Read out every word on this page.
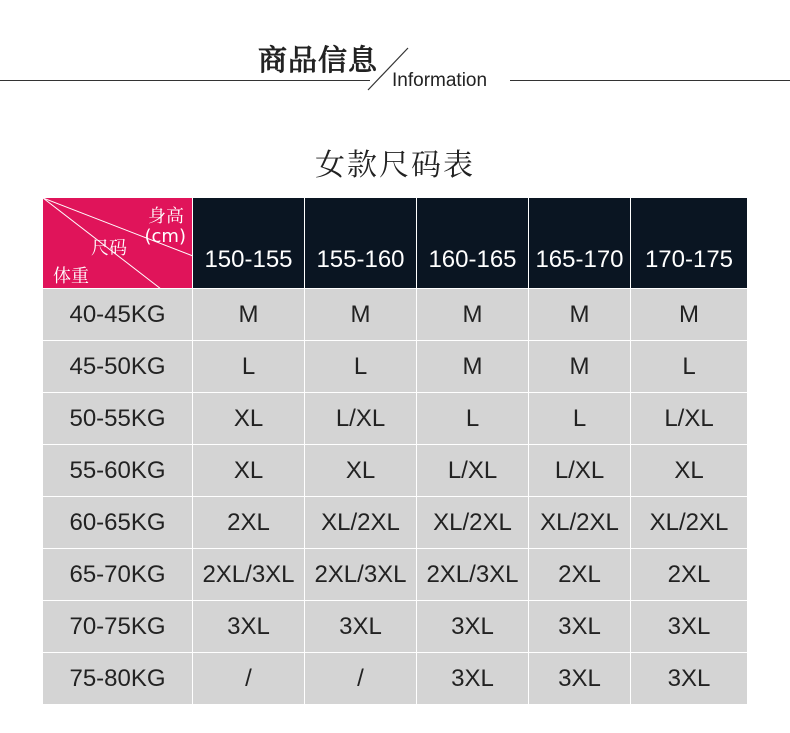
商品信息
Information
女款尺码表
身高
(cm)
尺码
体重
150-155 155-160 160-165 165-170 170-175
40-45KG	M	M	M	M	M
45-50KG	L	L	M	M	L
50-55KG	XL	L/XL	L	L	L/XL
55-60KG	XL	XL	L/XL	L/XL	XL
60-65KG	2XL	XL/2XL	XL/2XL	XL/2XL	XL/2XL
65-70KG	2XL/3XL 2XL/3XL 2XL/3XL	2XL	2XL
70-75KG	3XL	3XL	3XL	3XL	3XL
75-80KG	/	/	3XL	3XL	3XL
